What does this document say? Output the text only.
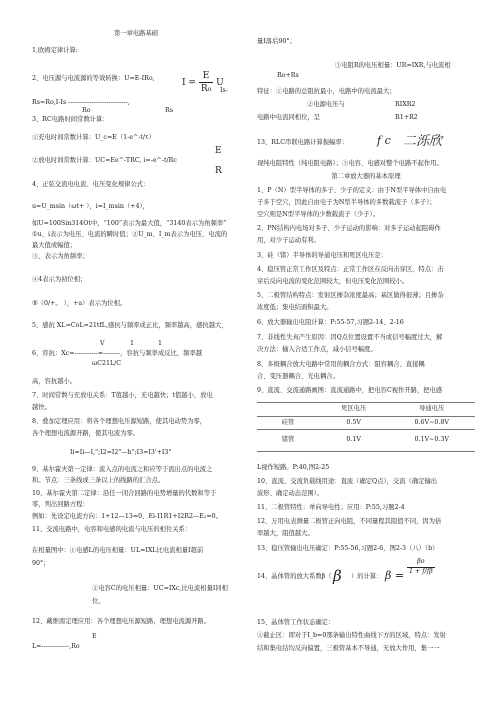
第一章电路基础
1,欧姆定律计算:
2、电压源与电流源的等效转换：U=E-IRo,	$I = \frac{E}{\text{R₀}}$ U
Is-
Rs=Ro,I-Is ----------------------------,
Ro	Rs
3、RC电路时间常数计算：
①充电时间常数计算：U_c=E（1-e^-t/τ）
E
②放电时间常数计算：UC=Ee^-TRC, i=-e^-t/Rc
R
4、正弦交流电电流、电压变化规律公式：
u=U_msin（ωt+ ），i=I_msin（+4），
如U=100Sin314Ot中，“100”表示为最大值，“3140表示为角频率”
①u、i表示为电压、电流的瞬时值；②U_m、I_m表示为电压、电流的
最大值或幅值；
③、表示为角频率；
④4表示为初位相；
⑤（0/+。 ），+a）表示为位相。
5、感抗 XL=CoL=21tfL,感抗与频率成正比，频率越高，感抗越大，
V	1	1
6、容抗：Xc=-----------=--------，容抗与频率成反比，频率越
ωC21L/C
高，容抗越小。
7、时间常数与充放电关系：T值越小，充电越快；t值越小，放电
越快。
8、叠加定理应用：将各个理想电压源短路，使其电动势为零，
各个理想电流源开路，使其电流为零。
Ii=Ii—I,";I2=I2"—h";I3=I3'+I3"
9、基尔霍夫第一定律：流入点的电流之和应等于流出点的电流之
和。节点：三条线或三条以上的线路的汇合点。
10、基尔霍夫第二定律：沿任一闭合回路的电势增量的代数和等于
零，列出回路方程：
例如：先设定电流方向：1+12—13=0、Ei-I1R1+I2R2—E₂=0。
11、交流电路中，电容和电感的电流与电压的相位关系：
在相量图中：①电感L的电压相量：UL=IXL比电流相量Ⅰ超前
90°；
②电容C的电压相量：UC=IXc,比电流相量Ⅰ同相
位。
12、戴维南定理应用：各个理想电压源短路，理想电流源开路。
E
L=-------------,Ro
量I落后90°；
③电阻R的电压相量：UR=IXR,与电流相
Ro+Rs
特征：①电路的总阻抗最小，电路中的电流最大；
②电源电压与	RIXR2
电路中电流同相位，呈	R1+R2
13、RLC串联电路计算振幅率：	f c 二泺欣
现纯电阻特性（纯电阻电路）；③电容、电感对整个电路不起作用。
第二章放大器的基本原理
1、P（N）型半导体的多子、少子的定义：由于N型半导体中自由电
子多于空穴，因此自由电子为N型半导体的多数载流子（多子）；
空穴则是N型半导体的少数载流子（少子）。
2、PN结构内电场对多子、少子运动的影响：对多子运动起阻碍作
用，对少子运动有利。
3、硅（锗）半导体的导通电压和死区电压是：
4、稳压管正常工作区及特点：正常工作区在反向击穿区，特点：击
穿后反向电流的变化范围较大，但电压变化范围较小。
5、二极管结构特点：发射区掺杂浓度最高；基区做得很薄；且掺杂
浓度低；集电结面积最大。
6、放大器输出电阻计算：P:55-57,习题2-14、2-16
7、非线性失真产生原因：因Q点位置设置不当或信号幅度过大，解
决方法：输入合适工作点，减小信号幅度。
8、多级耦合放大电路中常用的耦合方式：阻容耦合、直接耦
合、变压器耦合、光电耦合。
9、直流、交流通路画图：直流通路中，把电容C视作开路，把电感
	死区电压	导通电压
硅管	0.5V	0.6V~0.8V
锗管	0.1V	0.1V~0.3V
L视作短路。P:40,图2-25
10、直流、交流负载线用途：直流（确定Q点），交流（确定输出
波形、确定动态范围）。
11、二极管特性：单向导电性；应用：P:55,习题2-4
12、万用电表测量二极管正向电阻，不同量程其阻值不同，因为倍
率越大，阻值越大。
13、稳压管输出电压确定：P:55-56,习题2-6、图2-3（八）（b）
14、晶体管的放大系数β（ β ）的计算： $\beta = \frac{\beta o}{1 + f/f\beta}$
15、晶体管工作状态确定：
①截止区：即对于I_b=0那条输出特性曲线下方的区域，特点：发射
结和集电结均反向偏置，三极管基本不导通，无放大作用，集一一
